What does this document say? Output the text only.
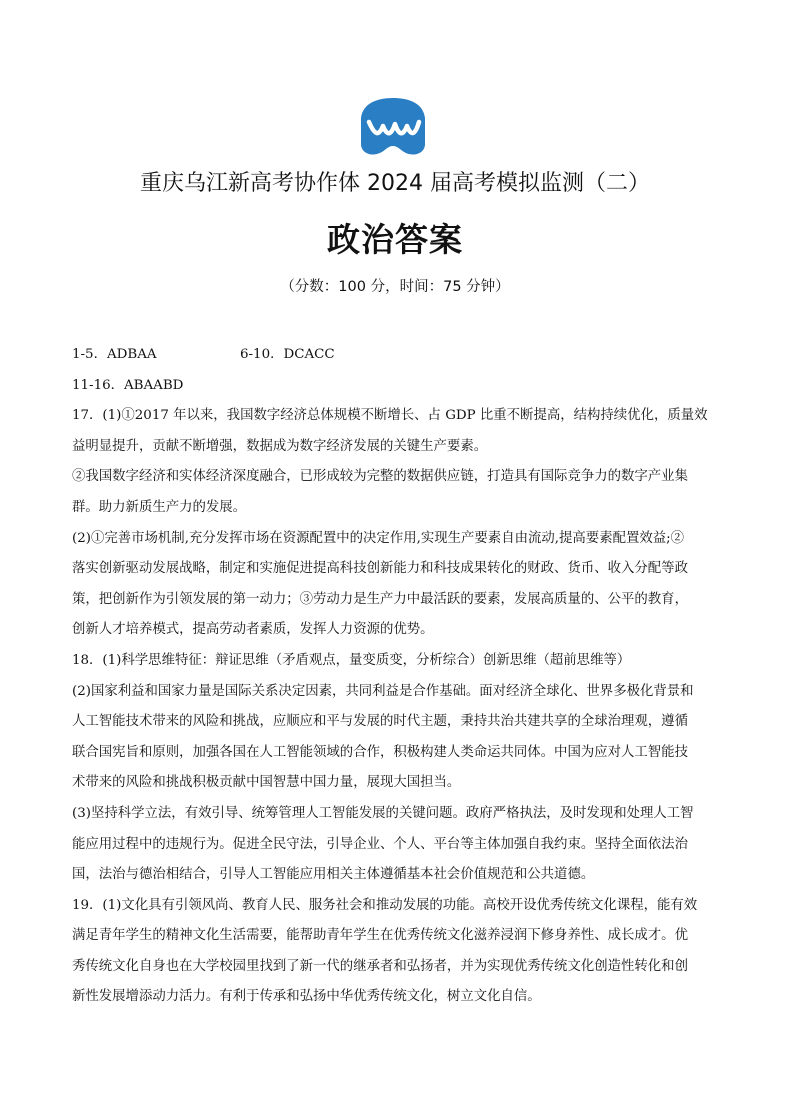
重庆乌江新高考协作体 2024 届高考模拟监测（二）
政治答案
（分数：100 分，时间：75 分钟）
1-5．ADBAA	6-10．DCACC
11-16．ABAABD
17．(1)①2017 年以来，我国数字经济总体规模不断增长、占 GDP 比重不断提高，结构持续优化，质量效
益明显提升，贡献不断增强，数据成为数字经济发展的关键生产要素。
②我国数字经济和实体经济深度融合，已形成较为完整的数据供应链，打造具有国际竞争力的数字产业集
群。助力新质生产力的发展。
(2)①完善市场机制,充分发挥市场在资源配置中的决定作用,实现生产要素自由流动,提高要素配置效益;②
落实创新驱动发展战略，制定和实施促进提高科技创新能力和科技成果转化的财政、货币、收入分配等政
策，把创新作为引领发展的第一动力；③劳动力是生产力中最活跃的要素，发展高质量的、公平的教育，
创新人才培养模式，提高劳动者素质，发挥人力资源的优势。
18．(1)科学思维特征：辩证思维（矛盾观点，量变质变，分析综合）创新思维（超前思维等）
(2)国家利益和国家力量是国际关系决定因素，共同利益是合作基础。面对经济全球化、世界多极化背景和
人工智能技术带来的风险和挑战，应顺应和平与发展的时代主题，秉持共治共建共享的全球治理观，遵循
联合国宪旨和原则，加强各国在人工智能领域的合作，积极构建人类命运共同体。中国为应对人工智能技
术带来的风险和挑战积极贡献中国智慧中国力量，展现大国担当。
(3)坚持科学立法，有效引导、统筹管理人工智能发展的关键问题。政府严格执法，及时发现和处理人工智
能应用过程中的违规行为。促进全民守法，引导企业、个人、平台等主体加强自我约束。坚持全面依法治
国，法治与德治相结合，引导人工智能应用相关主体遵循基本社会价值规范和公共道德。
19．(1)文化具有引领风尚、教育人民、服务社会和推动发展的功能。高校开设优秀传统文化课程，能有效
满足青年学生的精神文化生活需要，能帮助青年学生在优秀传统文化滋养浸润下修身养性、成长成才。优
秀传统文化自身也在大学校园里找到了新一代的继承者和弘扬者，并为实现优秀传统文化创造性转化和创
新性发展增添动力活力。有利于传承和弘扬中华优秀传统文化，树立文化自信。
